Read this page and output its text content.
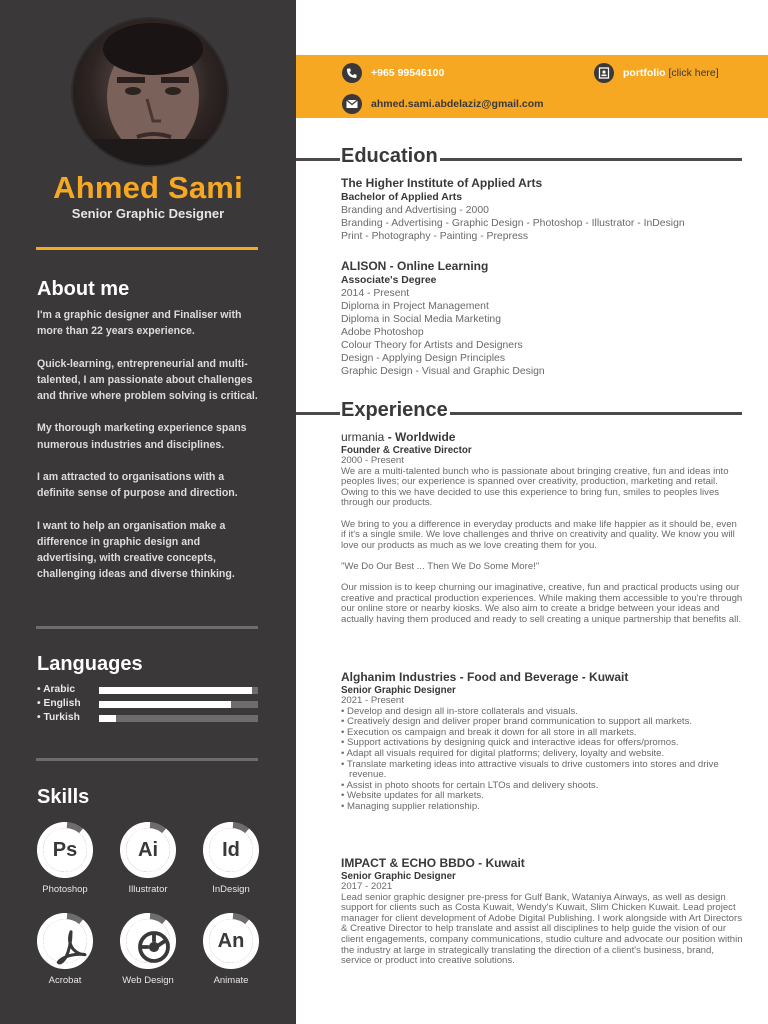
Ahmed Sami
Senior Graphic Designer
+965 99546100
ahmed.sami.abdelaziz@gmail.com
portfolio
[click here]
About me

I'm a graphic designer and Finaliser with more than 22 years experience.

Quick-learning, entrepreneurial and multi-talented, I am passionate about challenges and thrive where problem solving is critical.

My thorough marketing experience spans numerous industries and disciplines.

I am attracted to organisations with a definite sense of purpose and direction.

I want to help an organisation make a difference in graphic design and advertising, with creative concepts, challenging ideas and diverse thinking.

Languages
• Arabic
• English
• Turkish
Skills
Ps
Photoshop
Ai
Illustrator
Id
InDesign
Acrobat	Web Design
An
Animate
Education
The Higher Institute of Applied Arts
Bachelor of Applied Arts
Branding and Advertising - 2000
Branding - Advertising - Graphic Design - Photoshop - Illustrator - InDesign
Print - Photography - Painting - Prepress
ALISON - Online Learning
Associate's Degree
2014 - Present
Diploma in Project Management
Diploma in Social Media Marketing
Adobe Photoshop
Colour Theory for Artists and Designers
Design - Applying Design Principles
Graphic Design - Visual and Graphic Design
Experience
urmania - Worldwide
Founder & Creative Director
2000 - Present

We are a multi-talented bunch who is passionate about bringing creative, fun and ideas into peoples lives; our experience is spanned over creativity, production, marketing and retail. Owing to this we have decided to use this experience to bring fun, smiles to peoples lives through our products.

We bring to you a difference in everyday products and make life happier as it should be, even if it's a single smile. We love challenges and thrive on creativity and quality. We know you will love our products as much as we love creating them for you.

"We Do Our Best ... Then We Do Some More!"

Our mission is to keep churning our imaginative, creative, fun and practical products using our creative and practical production experiences. While making them accessible to you're through our online store or nearby kiosks. We also aim to create a bridge between your ideas and actually having them produced and ready to sell creating a unique partnership that benefits all.

Alghanim Industries - Food and Beverage - Kuwait
Senior Graphic Designer
2021 - Present
• Develop and design all in-store collaterals and visuals.
• Creatively design and deliver proper brand communication to support all markets.
• Execution os campaign and break it down for all store in all markets.
• Support activations by designing quick and interactive ideas for offers/promos.
• Adapt all visuals required for digital platforms; delivery, loyalty and website.
• Translate marketing ideas into attractive visuals to drive customers into stores and drive revenue.
• Assist in photo shoots for certain LTOs and delivery shoots.
• Website updates for all markets.
• Managing supplier relationship.
IMPACT & ECHO BBDO - Kuwait
Senior Graphic Designer
2017 - 2021

Lead senior graphic designer pre-press for Gulf Bank, Wataniya Airways, as well as design support for clients such as Costa Kuwait, Wendy's Kuwait, Slim Chicken Kuwait. Lead project manager for client development of Adobe Digital Publishing. I work alongside with Art Directors & Creative Director to help translate and assist all disciplines to help guide the vision of our client engagements, company communications, studio culture and advocate our position within the industry at large in strategically translating the direction of a client's business, brand, service or product into creative solutions.
